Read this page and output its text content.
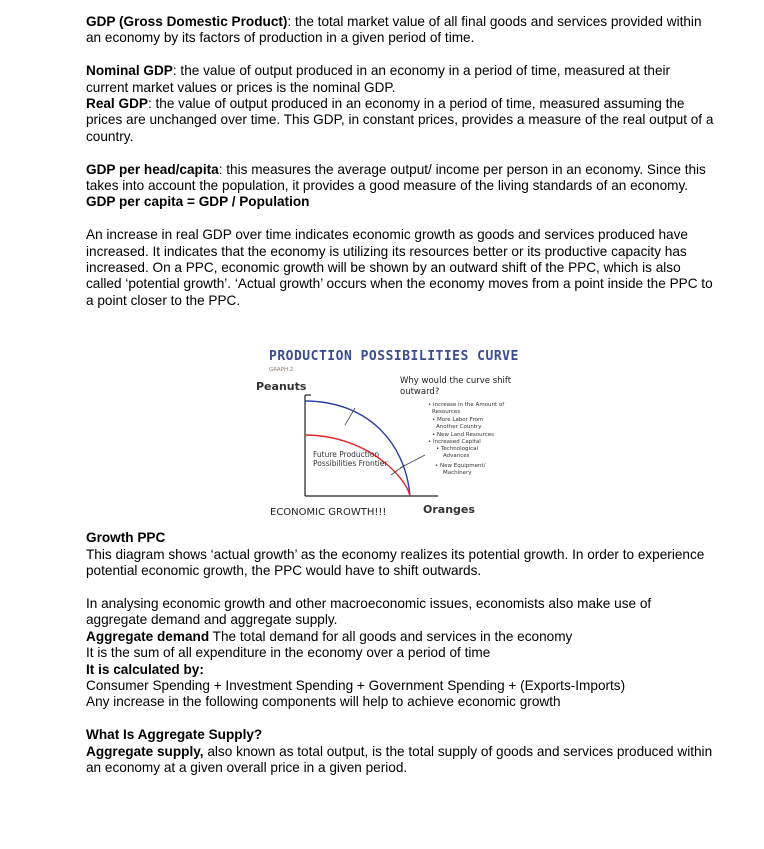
GDP (Gross Domestic Product): the total market value of all final goods and services provided within an economy by its factors of production in a given period of time.

Nominal GDP: the value of output produced in an economy in a period of time, measured at their current market values or prices is the nominal GDP.

Real GDP: the value of output produced in an economy in a period of time, measured assuming the prices are unchanged over time. This GDP, in constant prices, provides a measure of the real output of a country.

GDP per head/capita: this measures the average output/ income per person in an economy. Since this takes into account the population, it provides a good measure of the living standards of an economy.

GDP per capita = GDP / Population

An increase in real GDP over time indicates economic growth as goods and services produced have increased. It indicates that the economy is utilizing its resources better or its productive capacity has increased. On a PPC, economic growth will be shown by an outward shift of the PPC, which is also called ‘potential growth’. ‘Actual growth’ occurs when the economy moves from a point inside the PPC to a point closer to the PPC.

Growth PPC

This diagram shows ‘actual growth’ as the economy realizes its potential growth. In order to experience potential economic growth, the PPC would have to shift outwards.

In analysing economic growth and other macroeconomic issues, economists also make use of aggregate demand and aggregate supply.

Aggregate demand The total demand for all goods and services in the economy

It is the sum of all expenditure in the economy over a period of time

It is calculated by:

Consumer Spending + Investment Spending + Government Spending + (Exports-Imports)

Any increase in the following components will help to achieve economic growth

What Is Aggregate Supply?

Aggregate supply, also known as total output, is the total supply of goods and services produced within an economy at a given overall price in a given period.

PRODUCTION POSSIBILITIES CURVE
GRAPH 2
Peanuts
Future Production
Possibilities Frontier
Why would the curve shift
outward?
• Increase in the Amount of
Resources
• More Labor From
Another Country
• New Land Resources
• Increased Capital
• Technological
Advances
• New Equipment/
Machinery
ECONOMIC GROWTH!!!	Oranges
